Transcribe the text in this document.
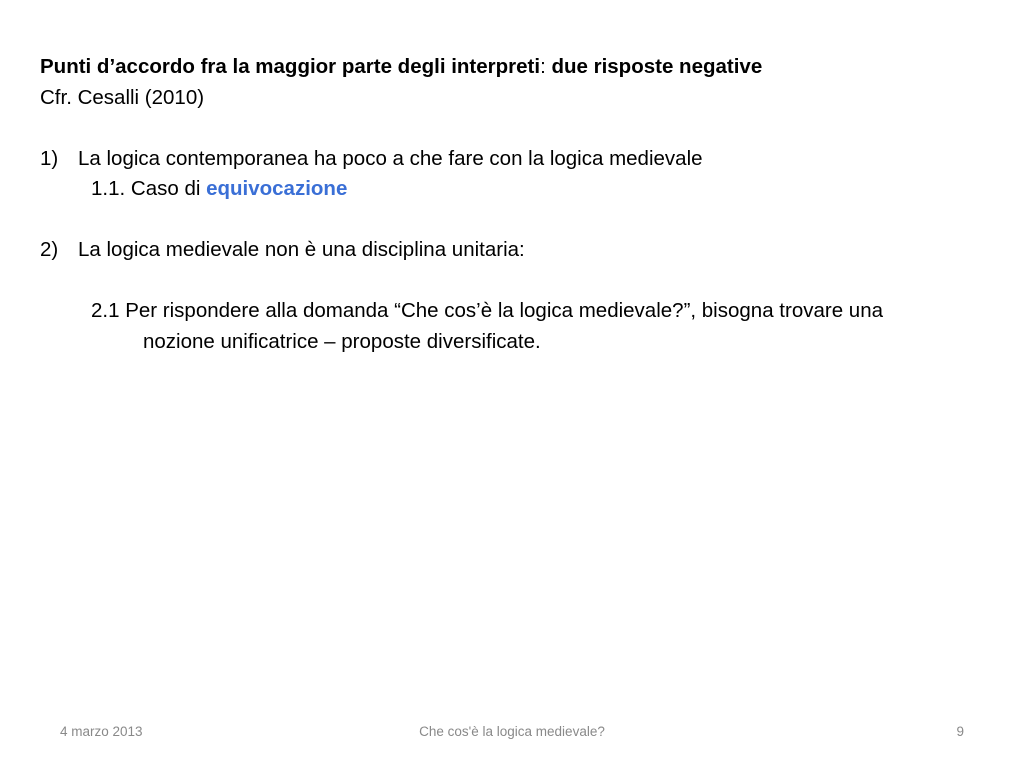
Punti d’accordo fra la maggior parte degli interpreti: due risposte negative
Cfr. Cesalli (2010)
1) La logica contemporanea ha poco a che fare con la logica medievale
1.1. Caso di equivocazione
2) La logica medievale non è una disciplina unitaria:
2.1 Per rispondere alla domanda “Che cos’è la logica medievale?”, bisogna trovare una
nozione unificatrice – proposte diversificate.
4 marzo 2013	Che cos'è la logica medievale?	9
